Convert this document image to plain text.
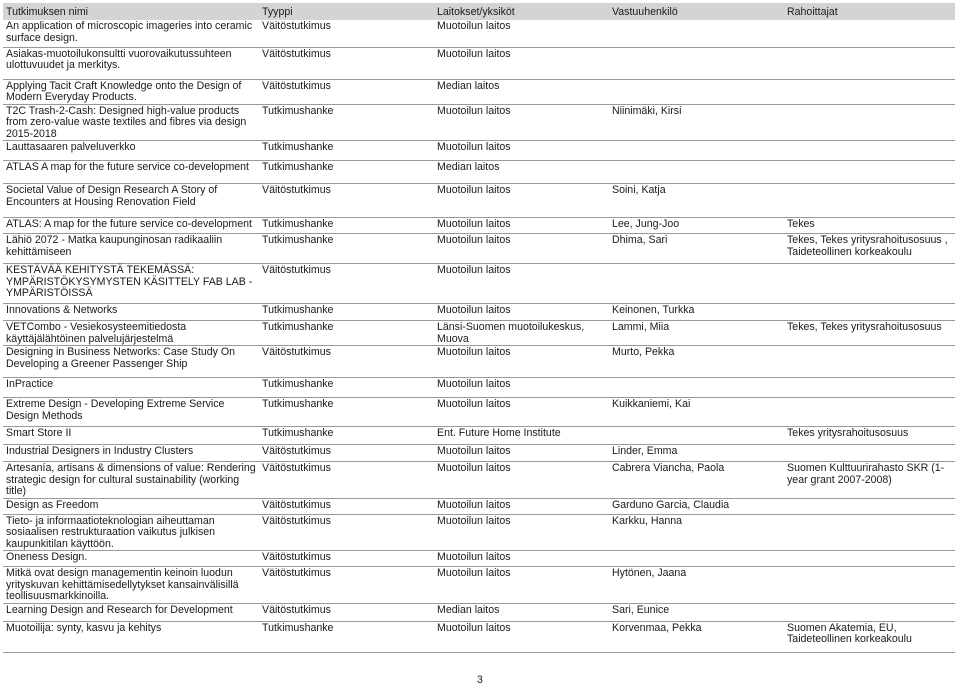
Tutkimuksen nimi	Tyyppi	Laitokset/yksiköt	Vastuuhenkilö	Rahoittajat
An application of microscopic imageries into ceramic surface design.	Väitöstutkimus	Muotoilun laitos		
Asiakas-muotoilukonsultti vuorovaikutussuhteen ulottuvuudet ja merkitys.	Väitöstutkimus	Muotoilun laitos		
Applying Tacit Craft Knowledge onto the Design of Modern Everyday Products.	Väitöstutkimus	Median laitos		
T2C Trash-2-Cash: Designed high-value products from zero-value waste textiles and fibres via design 2015-2018	Tutkimushanke	Muotoilun laitos	Niinimäki, Kirsi	
Lauttasaaren palveluverkko	Tutkimushanke	Muotoilun laitos		
ATLAS A map for the future service co-development	Tutkimushanke	Median laitos		
Societal Value of Design Research A Story of Encounters at Housing Renovation Field	Väitöstutkimus	Muotoilun laitos	Soini, Katja	
ATLAS: A map for the future service co-development	Tutkimushanke	Muotoilun laitos	Lee, Jung-Joo	Tekes
Lähiö 2072 - Matka kaupunginosan radikaaliin kehittämiseen	Tutkimushanke	Muotoilun laitos	Dhima, Sari	Tekes, Tekes yritysrahoitusosuus , Taideteollinen korkeakoulu
KESTÄVÄÄ KEHITYSTÄ TEKEMÄSSÄ: YMPÄRISTÖKYSYMYSTEN KÄSITTELY FAB LAB -YMPÄRISTÖISSÄ	Väitöstutkimus	Muotoilun laitos		
Innovations & Networks	Tutkimushanke	Muotoilun laitos	Keinonen, Turkka	
VETCombo - Vesiekosysteemitiedosta käyttäjälähtöinen palvelujärjestelmä	Tutkimushanke	Länsi-Suomen muotoilukeskus, Muova	Lammi, Miia	Tekes, Tekes yritysrahoitusosuus
Designing in Business Networks: Case Study On Developing a Greener Passenger Ship	Väitöstutkimus	Muotoilun laitos	Murto, Pekka	
InPractice	Tutkimushanke	Muotoilun laitos		
Extreme Design - Developing Extreme Service Design Methods	Tutkimushanke	Muotoilun laitos	Kuikkaniemi, Kai	
Smart Store II	Tutkimushanke	Ent. Future Home Institute		Tekes yritysrahoitusosuus
Industrial Designers in Industry Clusters	Väitöstutkimus	Muotoilun laitos	Linder, Emma	
Artesanía, artisans & dimensions of value: Rendering strategic design for cultural sustainability (working title)	Väitöstutkimus	Muotoilun laitos	Cabrera Viancha, Paola	Suomen Kulttuurirahasto SKR (1-year grant 2007-2008)
Design as Freedom	Väitöstutkimus	Muotoilun laitos	Garduno Garcia, Claudia	
Tieto- ja informaatioteknologian aiheuttaman sosiaalisen restrukturaation vaikutus julkisen kaupunkitilan käyttöön.	Väitöstutkimus	Muotoilun laitos	Karkku, Hanna	
Oneness Design.	Väitöstutkimus	Muotoilun laitos		
Mitkä ovat design managementin keinoin luodun yrityskuvan kehittämisedellytykset kansainvälisillä teollisuusmarkkinoilla.	Väitöstutkimus	Muotoilun laitos	Hytönen, Jaana	
Learning Design and Research for Development	Väitöstutkimus	Median laitos	Sari, Eunice	
Muotoilija: synty, kasvu ja kehitys	Tutkimushanke	Muotoilun laitos	Korvenmaa, Pekka	Suomen Akatemia, EU, Taideteollinen korkeakoulu
3
